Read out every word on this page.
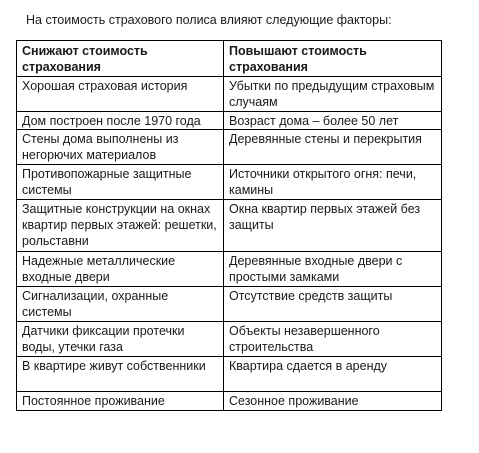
На стоимость страхового полиса влияют следующие факторы:
Снижают стоимость страхования	Повышают стоимость страхования
Хорошая страховая история	Убытки по предыдущим страховым случаям
Дом построен после 1970 года	Возраст дома – более 50 лет
Стены дома выполнены из негорючих материалов	Деревянные стены и перекрытия
Противопожарные защитные системы	Источники открытого огня: печи, камины
Защитные конструкции на окнах квартир первых этажей: решетки, рольставни	Окна квартир первых этажей без защиты
Надежные металлические входные двери	Деревянные входные двери с простыми замками
Сигнализации, охранные системы	Отсутствие средств защиты
Датчики фиксации протечки воды, утечки газа	Объекты незавершенного строительства
В квартире живут собственники	Квартира сдается в аренду
Постоянное проживание	Сезонное проживание
